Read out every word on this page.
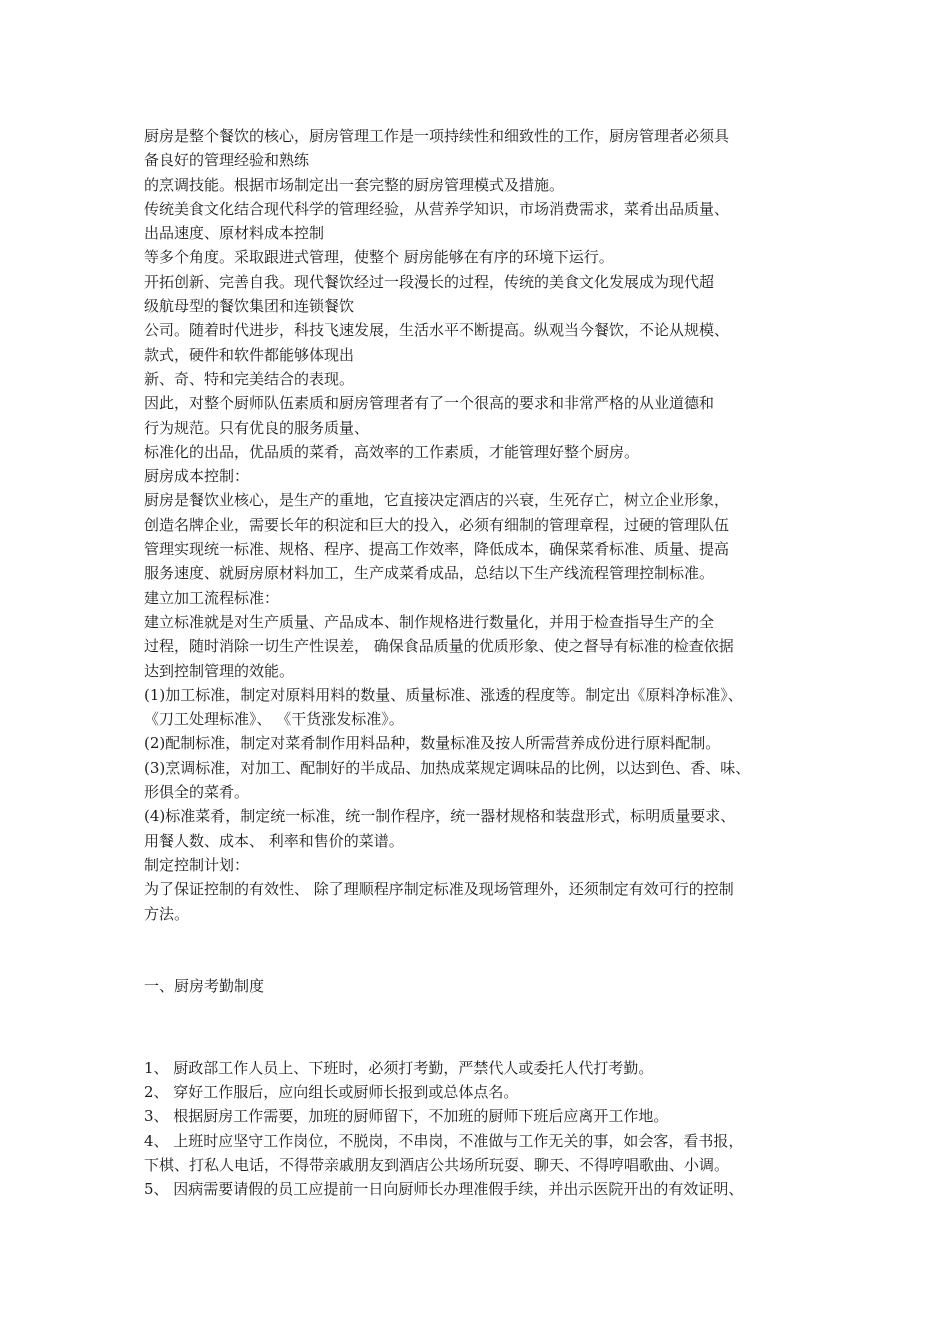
厨房是整个餐饮的核心，厨房管理工作是一项持续性和细致性的工作，厨房管理者必须具
备良好的管理经验和熟练
的烹调技能。根据市场制定出一套完整的厨房管理模式及措施。
传统美食文化结合现代科学的管理经验，从营养学知识，市场消费需求，菜肴出品质量、
出品速度、原材料成本控制
等多个角度。采取跟进式管理，使整个 厨房能够在有序的环境下运行。
开拓创新、完善自我。现代餐饮经过一段漫长的过程，传统的美食文化发展成为现代超
级航母型的餐饮集团和连锁餐饮
公司。随着时代进步，科技飞速发展，生活水平不断提高。纵观当今餐饮，不论从规模、
款式，硬件和软件都能够体现出
新、奇、特和完美结合的表现。
因此，对整个厨师队伍素质和厨房管理者有了一个很高的要求和非常严格的从业道德和
行为规范。只有优良的服务质量、
标准化的出品，优品质的菜肴，高效率的工作素质，才能管理好整个厨房。
厨房成本控制：
厨房是餐饮业核心，是生产的重地，它直接决定酒店的兴衰，生死存亡，树立企业形象，
创造名牌企业，需要长年的积淀和巨大的投入，必须有细制的管理章程，过硬的管理队伍
管理实现统一标准、规格、程序、提高工作效率，降低成本，确保菜肴标准、质量、提高
服务速度、就厨房原材料加工，生产成菜肴成品，总结以下生产线流程管理控制标准。
建立加工流程标准：
建立标准就是对生产质量、产品成本、制作规格进行数量化，并用于检查指导生产的全
过程，随时消除一切生产性误差， 确保食品质量的优质形象、使之督导有标准的检查依据
达到控制管理的效能。
(1)加工标准，制定对原料用料的数量、质量标准、涨透的程度等。制定出《原料净标准》、
《刀工处理标准》、 《干货涨发标准》。
(2)配制标准，制定对菜肴制作用料品种，数量标准及按人所需营养成份进行原料配制。
(3)烹调标准，对加工、配制好的半成品、加热成菜规定调味品的比例，以达到色、香、味、
形俱全的菜肴。
(4)标准菜肴，制定统一标准，统一制作程序，统一器材规格和装盘形式，标明质量要求、
用餐人数、成本、 利率和售价的菜谱。
制定控制计划：
为了保证控制的有效性、 除了理顺程序制定标准及现场管理外，还须制定有效可行的控制
方法。
一、厨房考勤制度
1、 厨政部工作人员上、下班时，必须打考勤，严禁代人或委托人代打考勤。
2、 穿好工作服后，应向组长或厨师长报到或总体点名。
3、 根据厨房工作需要，加班的厨师留下，不加班的厨师下班后应离开工作地。
4、 上班时应坚守工作岗位，不脱岗，不串岗，不准做与工作无关的事，如会客，看书报，
下棋、打私人电话，不得带亲戚朋友到酒店公共场所玩耍、聊天、不得哼唱歌曲、小调。
5、 因病需要请假的员工应提前一日向厨师长办理准假手续，并出示医院开出的有效证明、
